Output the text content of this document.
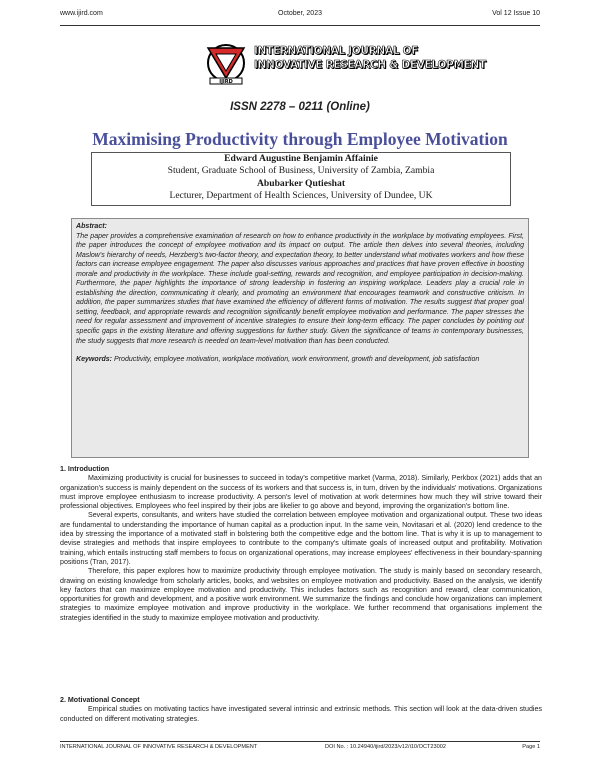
www.ijird.com	October, 2023	Vol 12 Issue 10
IJIRD
INTERNATIONAL JOURNAL OF
INNOVATIVE RESEARCH & DEVELOPMENT
ISSN 2278 – 0211 (Online)
Maximising Productivity through Employee Motivation
Edward Augustine Benjamin Affainie
Student, Graduate School of Business, University of Zambia, Zambia
Abubarker Qutieshat
Lecturer, Department of Health Sciences, University of Dundee, UK
Abstract:
The paper provides a comprehensive examination of research on how to enhance productivity in the workplace by motivating employees. First, the paper introduces the concept of employee motivation and its impact on output. The article then delves into several theories, including Maslow's hierarchy of needs, Herzberg's two-factor theory, and expectation theory, to better understand what motivates workers and how these factors can increase employee engagement. The paper also discusses various approaches and practices that have proven effective in boosting morale and productivity in the workplace. These include goal-setting, rewards and recognition, and employee participation in decision-making. Furthermore, the paper highlights the importance of strong leadership in fostering an inspiring workplace. Leaders play a crucial role in establishing the direction, communicating it clearly, and promoting an environment that encourages teamwork and constructive criticism. In addition, the paper summarizes studies that have examined the efficiency of different forms of motivation. The results suggest that proper goal setting, feedback, and appropriate rewards and recognition significantly benefit employee motivation and performance. The paper stresses the need for regular assessment and improvement of incentive strategies to ensure their long-term efficacy. The paper concludes by pointing out specific gaps in the existing literature and offering suggestions for further study. Given the significance of teams in contemporary businesses, the study suggests that more research is needed on team-level motivation than has been conducted.
Keywords: Productivity, employee motivation, workplace motivation, work environment, growth and development, job satisfaction

1. Introduction

Maximizing productivity is crucial for businesses to succeed in today's competitive market (Varma, 2018). Similarly, Perkbox (2021) adds that an organization's success is mainly dependent on the success of its workers and that success is, in turn, driven by the individuals' motivations. Organizations must improve employee enthusiasm to increase productivity. A person's level of motivation at work determines how much they will strive toward their professional objectives. Employees who feel inspired by their jobs are likelier to go above and beyond, improving the organization's bottom line.

Several experts, consultants, and writers have studied the correlation between employee motivation and organizational output. These two ideas are fundamental to understanding the importance of human capital as a production input. In the same vein, Novitasari et al. (2020) lend credence to the idea by stressing the importance of a motivated staff in bolstering both the competitive edge and the bottom line. That is why it is up to management to devise strategies and methods that inspire employees to contribute to the company's ultimate goals of increased output and profitability. Motivation training, which entails instructing staff members to focus on organizational operations, may increase employees' effectiveness in their boundary-spanning positions (Tran, 2017).

Therefore, this paper explores how to maximize productivity through employee motivation. The study is mainly based on secondary research, drawing on existing knowledge from scholarly articles, books, and websites on employee motivation and productivity. Based on the analysis, we identify key factors that can maximize employee motivation and productivity. This includes factors such as recognition and reward, clear communication, opportunities for growth and development, and a positive work environment. We summarize the findings and conclude how organizations can implement strategies to maximize employee motivation and improve productivity in the workplace. We further recommend that organisations implement the strategies identified in the study to maximize employee motivation and productivity.

2. Motivational Concept

Empirical studies on motivating tactics have investigated several intrinsic and extrinsic methods. This section will look at the data-driven studies conducted on different motivating strategies.

INTERNATIONAL JOURNAL OF INNOVATIVE RESEARCH & DEVELOPMENT	DOI No. : 10.24940/ijird/2023/v12/i10/OCT23002	Page 1
